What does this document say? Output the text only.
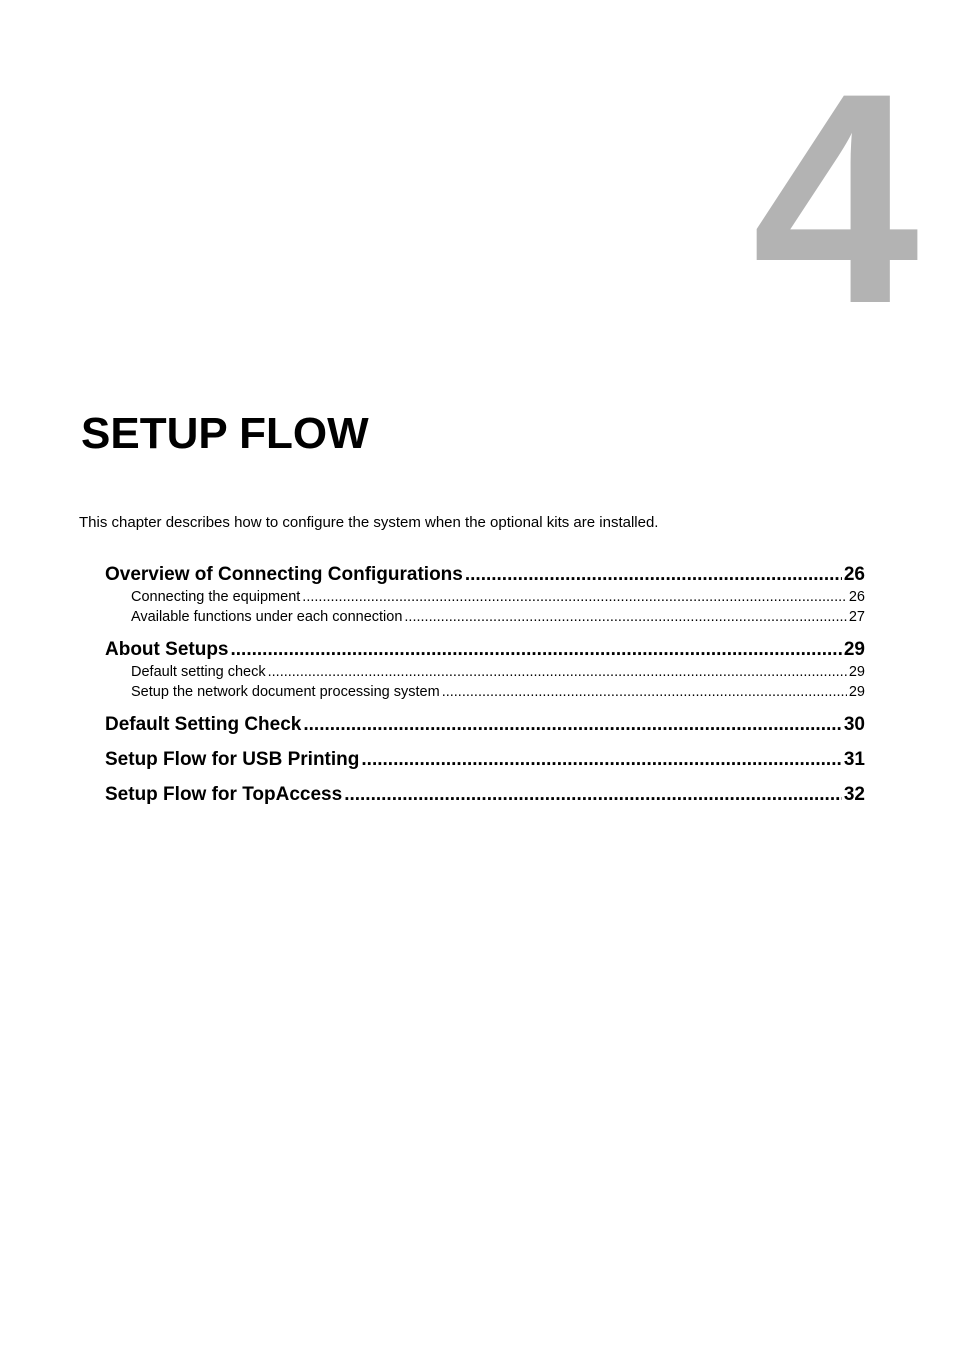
4
SETUP FLOW

This chapter describes how to configure the system when the optional kits are installed.

Overview of Connecting Configurations .....	26
Connecting the equipment .....	26
Available functions under each connection .....	27
About Setups .....	29
Default setting check .....	29
Setup the network document processing system .....	29
Default Setting Check .....	30
Setup Flow for USB Printing .....	31
Setup Flow for TopAccess .....	32
